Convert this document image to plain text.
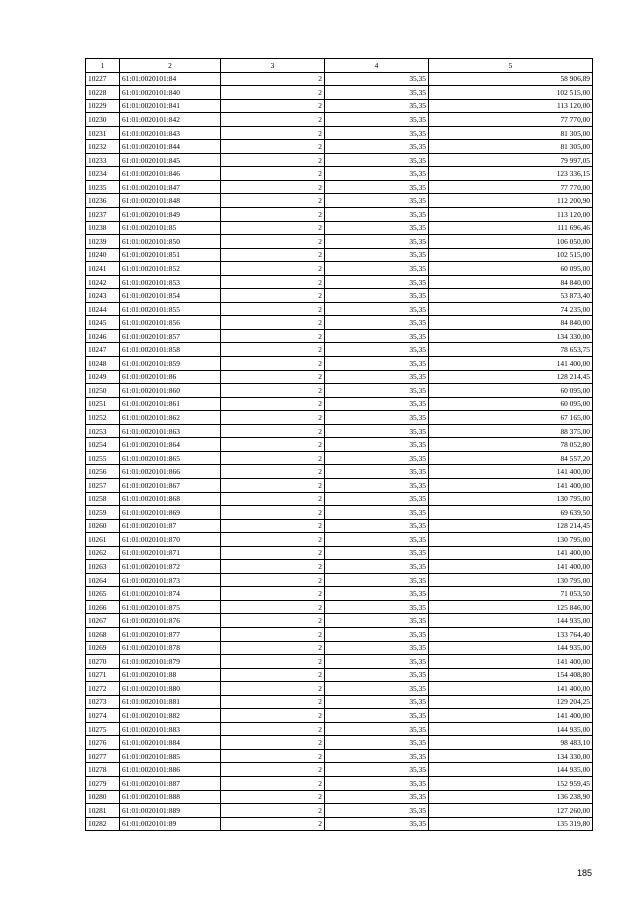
1	2	3	4	5
10227	61:01:0020101:84	2	35,35	58 906,89
10228	61:01:0020101:840	2	35,35	102 515,00
10229	61:01:0020101:841	2	35,35	113 120,00
10230	61:01:0020101:842	2	35,35	77 770,00
10231	61:01:0020101:843	2	35,35	81 305,00
10232	61:01:0020101:844	2	35,35	81 305,00
10233	61:01:0020101:845	2	35,35	79 997,05
10234	61:01:0020101:846	2	35,35	123 336,15
10235	61:01:0020101:847	2	35,35	77 770,00
10236	61:01:0020101:848	2	35,35	112 200,90
10237	61:01:0020101:849	2	35,35	113 120,00
10238	61:01:0020101:85	2	35,35	111 696,46
10239	61:01:0020101:850	2	35,35	106 050,00
10240	61:01:0020101:851	2	35,35	102 515,00
10241	61:01:0020101:852	2	35,35	60 095,00
10242	61:01:0020101:853	2	35,35	84 840,00
10243	61:01:0020101:854	2	35,35	53 873,40
10244	61:01:0020101:855	2	35,35	74 235,00
10245	61:01:0020101:856	2	35,35	84 840,00
10246	61:01:0020101:857	2	35,35	134 330,00
10247	61:01:0020101:858	2	35,35	78 653,75
10248	61:01:0020101:859	2	35,35	141 400,00
10249	61:01:0020101:86	2	35,35	128 214,45
10250	61:01:0020101:860	2	35,35	60 095,00
10251	61:01:0020101:861	2	35,35	60 095,00
10252	61:01:0020101:862	2	35,35	67 165,00
10253	61:01:0020101:863	2	35,35	88 375,00
10254	61:01:0020101:864	2	35,35	78 052,80
10255	61:01:0020101:865	2	35,35	84 557,20
10256	61:01:0020101:866	2	35,35	141 400,00
10257	61:01:0020101:867	2	35,35	141 400,00
10258	61:01:0020101:868	2	35,35	130 795,00
10259	61:01:0020101:869	2	35,35	69 639,50
10260	61:01:0020101:87	2	35,35	128 214,45
10261	61:01:0020101:870	2	35,35	130 795,00
10262	61:01:0020101:871	2	35,35	141 400,00
10263	61:01:0020101:872	2	35,35	141 400,00
10264	61:01:0020101:873	2	35,35	130 795,00
10265	61:01:0020101:874	2	35,35	71 053,50
10266	61:01:0020101:875	2	35,35	125 846,00
10267	61:01:0020101:876	2	35,35	144 935,00
10268	61:01:0020101:877	2	35,35	133 764,40
10269	61:01:0020101:878	2	35,35	144 935,00
10270	61:01:0020101:879	2	35,35	141 400,00
10271	61:01:0020101:88	2	35,35	154 408,80
10272	61:01:0020101:880	2	35,35	141 400,00
10273	61:01:0020101:881	2	35,35	129 204,25
10274	61:01:0020101:882	2	35,35	141 400,00
10275	61:01:0020101:883	2	35,35	144 935,00
10276	61:01:0020101:884	2	35,35	98 483,10
10277	61:01:0020101:885	2	35,35	134 330,00
10278	61:01:0020101:886	2	35,35	144 935,00
10279	61:01:0020101:887	2	35,35	152 959,45
10280	61:01:0020101:888	2	35,35	136 238,90
10281	61:01:0020101:889	2	35,35	127 260,00
10282	61:01:0020101:89	2	35,35	135 319,80
185
